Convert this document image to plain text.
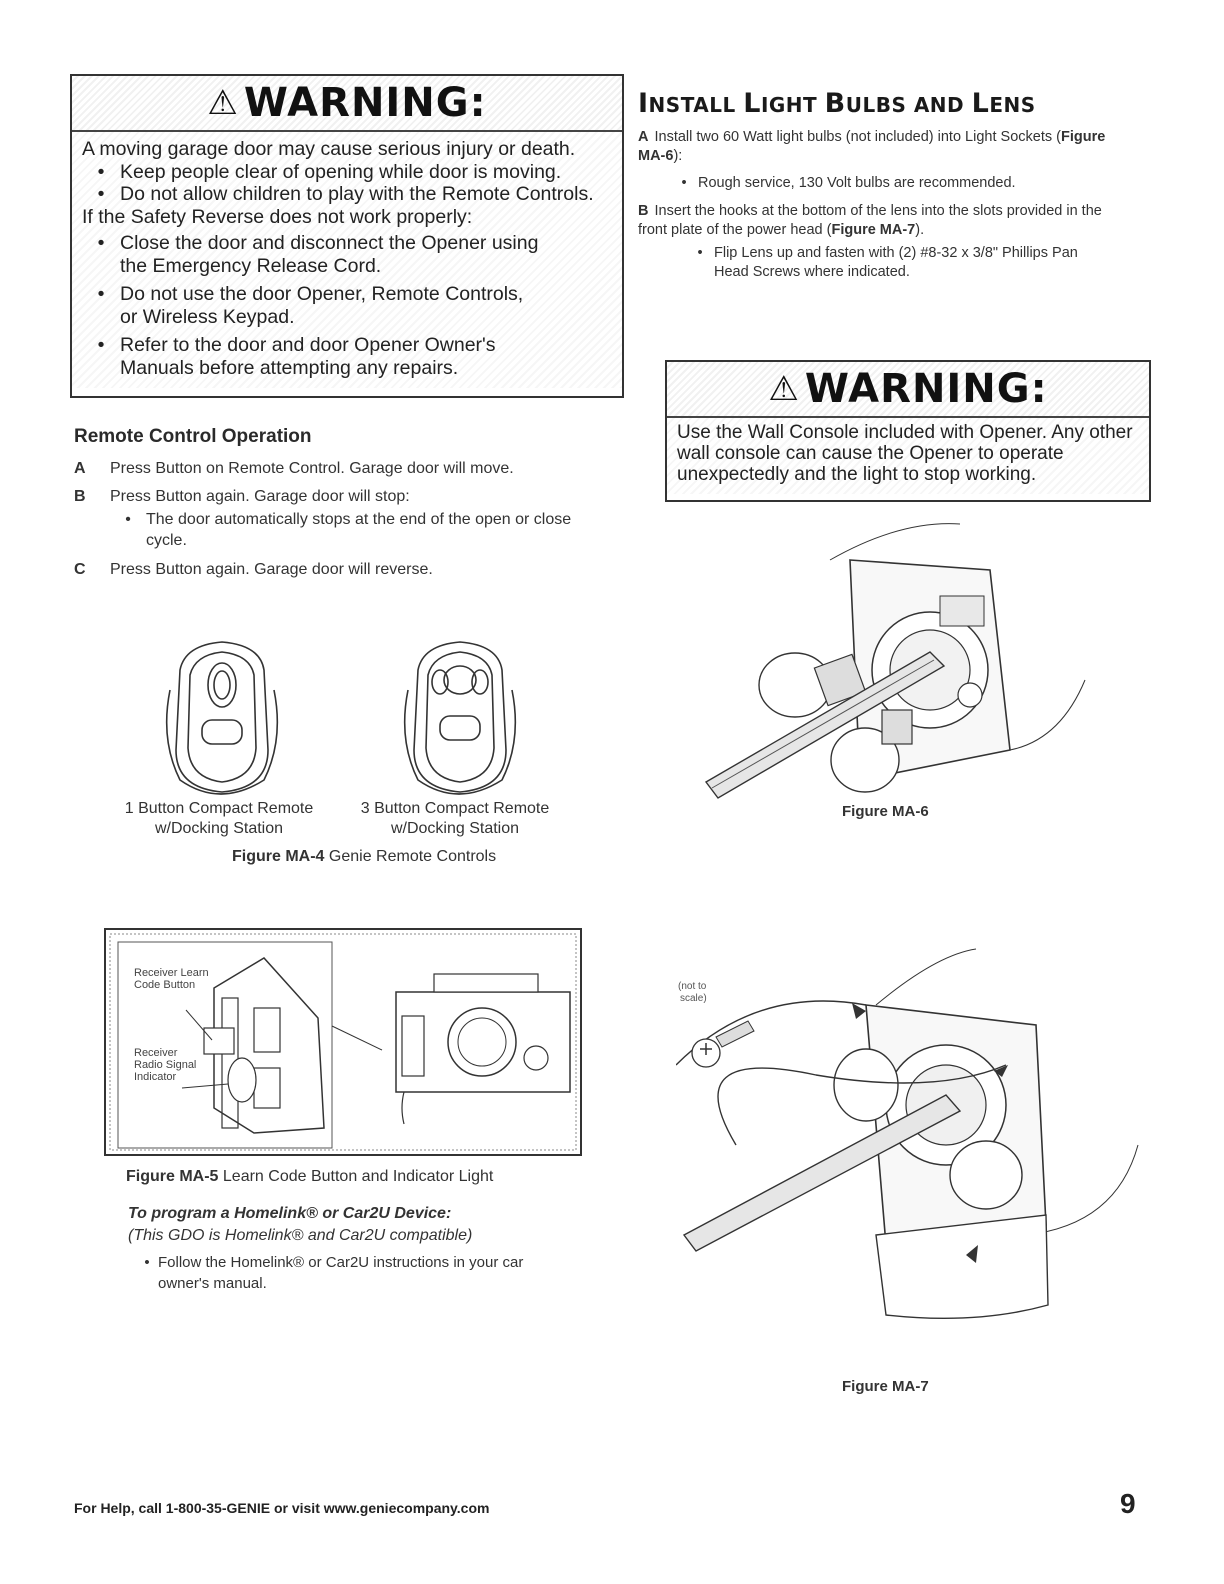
⚠ WARNING:
A moving garage door may cause serious injury or death.
• Keep people clear of opening while door is moving.
• Do not allow children to play with the Remote Controls.
If the Safety Reverse does not work properly:
• Close the door and disconnect the Opener using the Emergency Release Cord.
• Do not use the door Opener, Remote Controls, or Wireless Keypad.
• Refer to the door and door Opener Owner's Manuals before attempting any repairs.
Remote Control Operation
A	Press Button on Remote Control. Garage door will move.
B	Press Button again. Garage door will stop:
• The door automatically stops at the end of the open or close cycle.
C	Press Button again. Garage door will reverse.
1 Button Compact Remote
w/Docking Station
3 Button Compact Remote
w/Docking Station
Figure MA-4 Genie Remote Controls
Receiver Learn
Code Button
Receiver
Radio Signal
Indicator
Figure MA-5 Learn Code Button and Indicator Light
To program a Homelink® or Car2U Device:
(This GDO is Homelink® and Car2U compatible)
• Follow the Homelink® or Car2U instructions in your car owner's manual.
INSTALL LIGHT BULBS AND LENS
A Install two 60 Watt light bulbs (not included) into Light Sockets (Figure MA-6):
• Rough service, 130 Volt bulbs are recommended.
B Insert the hooks at the bottom of the lens into the slots provided in the front plate of the power head (Figure MA-7).
• Flip Lens up and fasten with (2) #8-32 x 3/8" Phillips Pan Head Screws where indicated.
⚠ WARNING:
Use the Wall Console included with Opener. Any other wall console can cause the Opener to operate unexpectedly and the light to stop working.
Figure MA-6
(not to
scale)
Figure MA-7
For Help, call 1-800-35-GENIE or visit www.geniecompany.com	9
